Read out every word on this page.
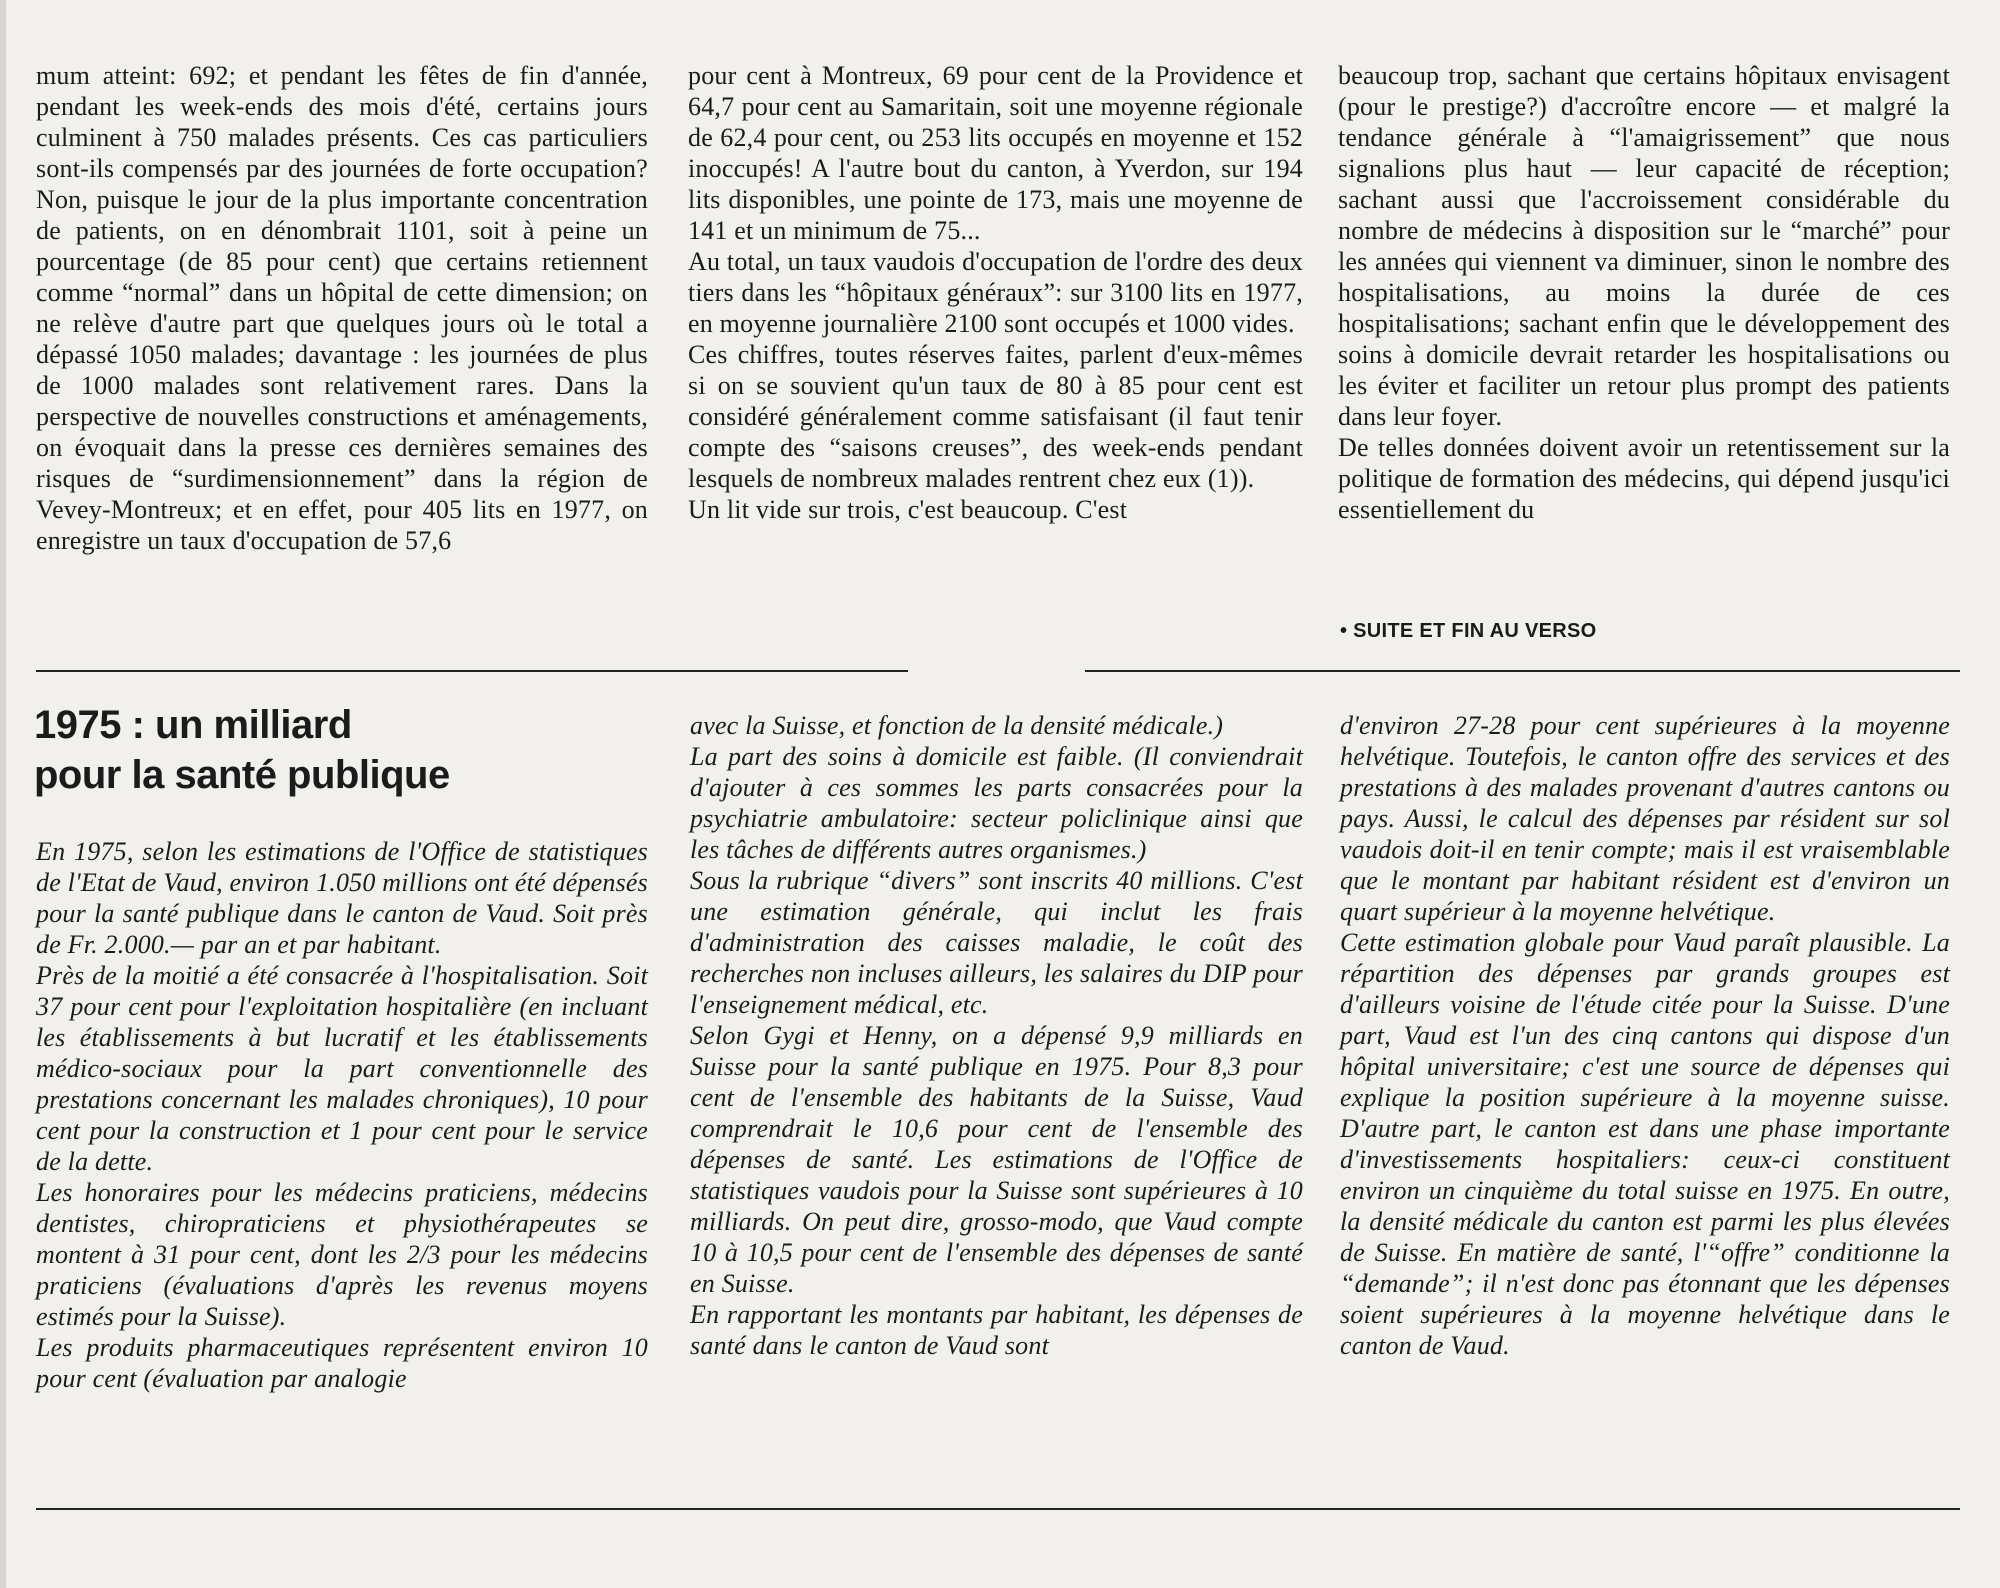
mum atteint: 692; et pendant les fêtes de fin d'année, pendant les week-ends des mois d'été, certains jours culminent à 750 malades présents. Ces cas particuliers sont-ils compensés par des journées de forte occupation? Non, puisque le jour de la plus importante concentration de patients, on en dénombrait 1101, soit à peine un pourcentage (de 85 pour cent) que certains retiennent comme “normal” dans un hôpital de cette dimension; on ne relève d'autre part que quelques jours où le total a dépassé 1050 malades; davantage : les journées de plus de 1000 malades sont relativement rares. Dans la perspective de nouvelles constructions et aménagements, on évoquait dans la presse ces dernières semaines des risques de “surdimensionnement” dans la région de Vevey-Montreux; et en effet, pour 405 lits en 1977, on enregistre un taux d'occupation de 57,6

pour cent à Montreux, 69 pour cent de la Providence et 64,7 pour cent au Samaritain, soit une moyenne régionale de 62,4 pour cent, ou 253 lits occupés en moyenne et 152 inoccupés! A l'autre bout du canton, à Yverdon, sur 194 lits disponibles, une pointe de 173, mais une moyenne de 141 et un minimum de 75...

Au total, un taux vaudois d'occupation de l'ordre des deux tiers dans les “hôpitaux généraux”: sur 3100 lits en 1977, en moyenne journalière 2100 sont occupés et 1000 vides.

Ces chiffres, toutes réserves faites, parlent d'eux-mêmes si on se souvient qu'un taux de 80 à 85 pour cent est considéré généralement comme satisfaisant (il faut tenir compte des “saisons creuses”, des week-ends pendant lesquels de nombreux malades rentrent chez eux (1)).

Un lit vide sur trois, c'est beaucoup. C'est

beaucoup trop, sachant que certains hôpitaux envisagent (pour le prestige?) d'accroître encore — et malgré la tendance générale à “l'amaigrissement” que nous signalions plus haut — leur capacité de réception; sachant aussi que l'accroissement considérable du nombre de médecins à disposition sur le “marché” pour les années qui viennent va diminuer, sinon le nombre des hospitalisations, au moins la durée de ces hospitalisations; sachant enfin que le développement des soins à domicile devrait retarder les hospitalisations ou les éviter et faciliter un retour plus prompt des patients dans leur foyer.

De telles données doivent avoir un retentissement sur la politique de formation des médecins, qui dépend jusqu'ici essentiellement du

• SUITE ET FIN AU VERSO
1975 : un milliard
pour la santé publique

En 1975, selon les estimations de l'Office de statistiques de l'Etat de Vaud, environ 1.050 millions ont été dépensés pour la santé publique dans le canton de Vaud. Soit près de Fr. 2.000.— par an et par habitant.

Près de la moitié a été consacrée à l'hospitalisation. Soit 37 pour cent pour l'exploitation hospitalière (en incluant les établissements à but lucratif et les établissements médico-sociaux pour la part conventionnelle des prestations concernant les malades chroniques), 10 pour cent pour la construction et 1 pour cent pour le service de la dette.

Les honoraires pour les médecins praticiens, médecins dentistes, chiropraticiens et physiothérapeutes se montent à 31 pour cent, dont les 2/3 pour les médecins praticiens (évaluations d'après les revenus moyens estimés pour la Suisse).

Les produits pharmaceutiques représentent environ 10 pour cent (évaluation par analogie

avec la Suisse, et fonction de la densité médicale.)

La part des soins à domicile est faible. (Il conviendrait d'ajouter à ces sommes les parts consacrées pour la psychiatrie ambulatoire: secteur policlinique ainsi que les tâches de différents autres organismes.)

Sous la rubrique “divers” sont inscrits 40 millions. C'est une estimation générale, qui inclut les frais d'administration des caisses maladie, le coût des recherches non incluses ailleurs, les salaires du DIP pour l'enseignement médical, etc.

Selon Gygi et Henny, on a dépensé 9,9 milliards en Suisse pour la santé publique en 1975. Pour 8,3 pour cent de l'ensemble des habitants de la Suisse, Vaud comprendrait le 10,6 pour cent de l'ensemble des dépenses de santé. Les estimations de l'Office de statistiques vaudois pour la Suisse sont supérieures à 10 milliards. On peut dire, grosso-modo, que Vaud compte 10 à 10,5 pour cent de l'ensemble des dépenses de santé en Suisse.

En rapportant les montants par habitant, les dépenses de santé dans le canton de Vaud sont

d'environ 27-28 pour cent supérieures à la moyenne helvétique. Toutefois, le canton offre des services et des prestations à des malades provenant d'autres cantons ou pays. Aussi, le calcul des dépenses par résident sur sol vaudois doit-il en tenir compte; mais il est vraisemblable que le montant par habitant résident est d'environ un quart supérieur à la moyenne helvétique.

Cette estimation globale pour Vaud paraît plausible. La répartition des dépenses par grands groupes est d'ailleurs voisine de l'étude citée pour la Suisse. D'une part, Vaud est l'un des cinq cantons qui dispose d'un hôpital universitaire; c'est une source de dépenses qui explique la position supérieure à la moyenne suisse. D'autre part, le canton est dans une phase importante d'investissements hospitaliers: ceux-ci constituent environ un cinquième du total suisse en 1975. En outre, la densité médicale du canton est parmi les plus élevées de Suisse. En matière de santé, l'“offre” conditionne la “demande”; il n'est donc pas étonnant que les dépenses soient supérieures à la moyenne helvétique dans le canton de Vaud.
